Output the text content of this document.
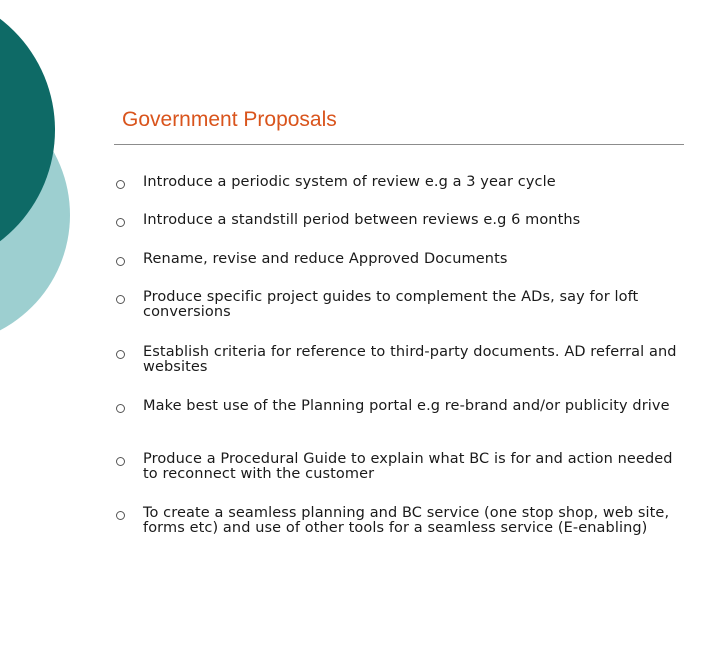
Government Proposals
Introduce a periodic system of review e.g a 3 year cycle
Introduce a standstill period between reviews e.g 6 months
Rename, revise and reduce Approved Documents
Produce specific project guides to complement the ADs, say for loft conversions
Establish criteria for reference to third-party documents. AD referral and websites
Make best use of the Planning portal e.g re-brand and/or publicity drive
Produce a Procedural Guide to explain what BC is for and action needed to reconnect with the customer
To create a seamless planning and BC service (one stop shop, web site, forms etc) and use of other tools for a seamless service (E-enabling)
